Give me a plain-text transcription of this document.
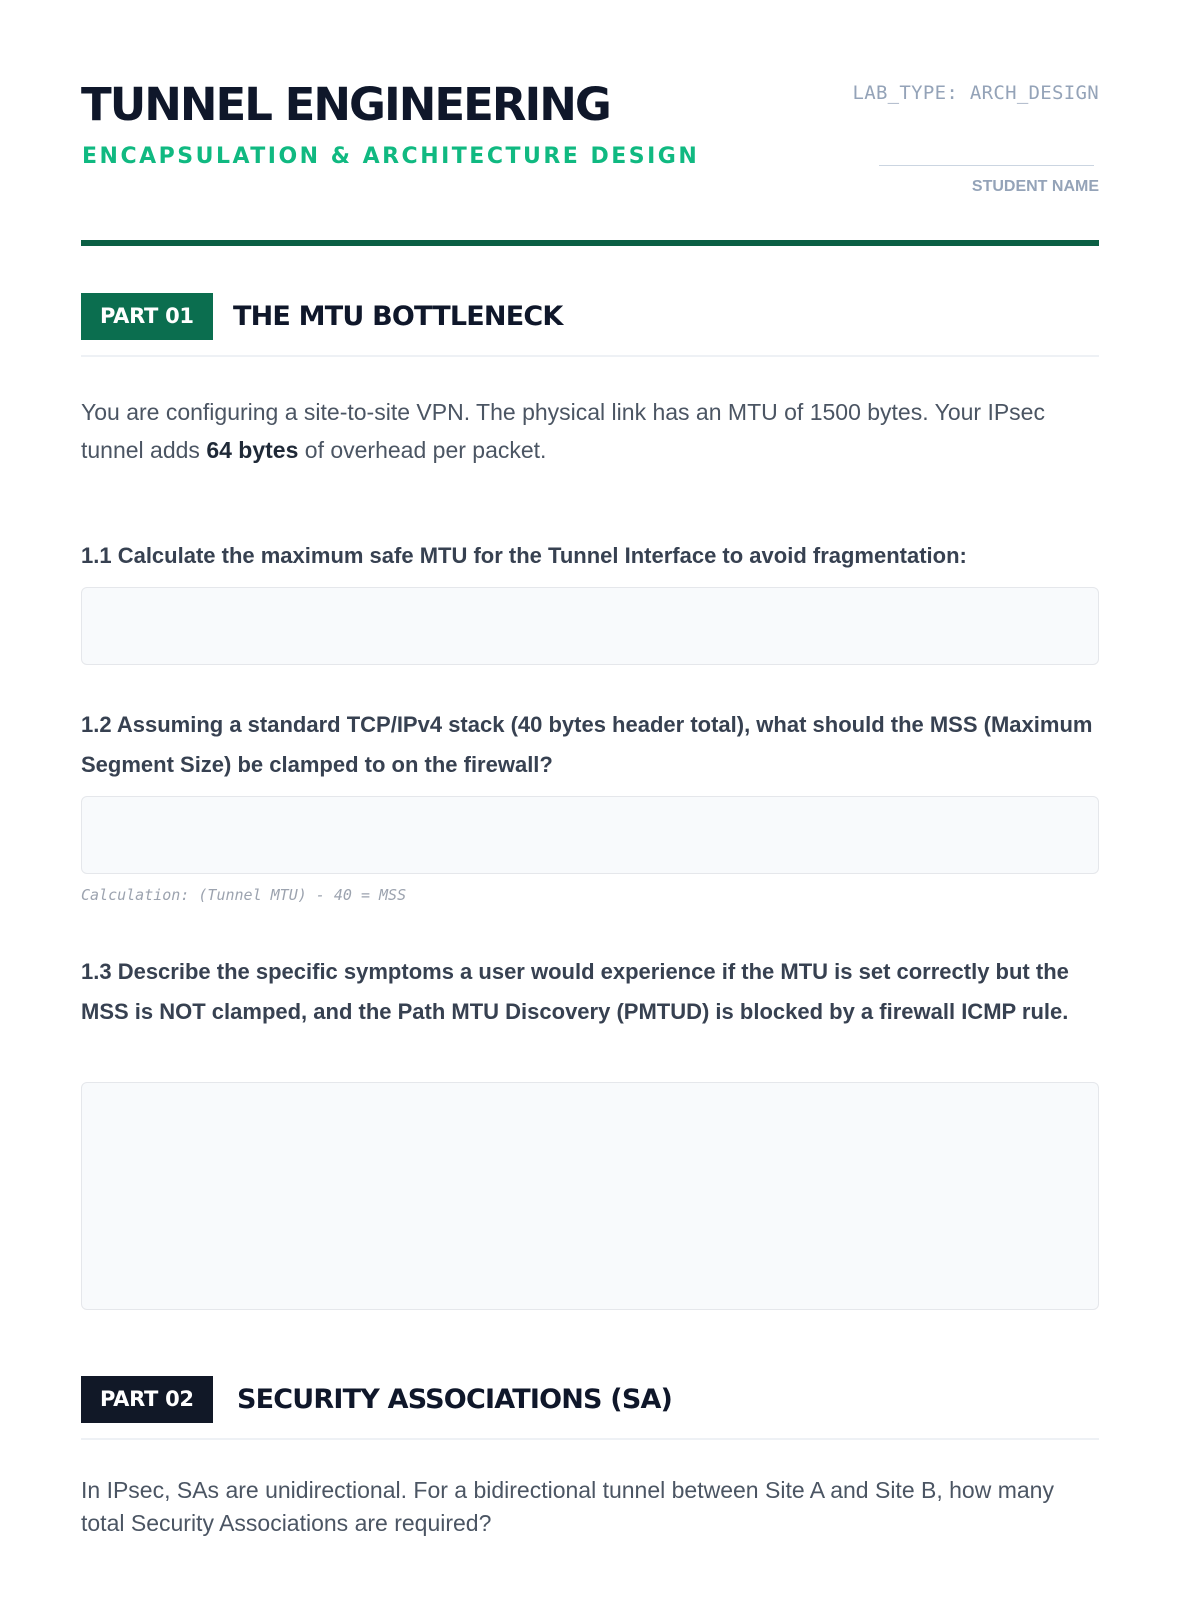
TUNNEL ENGINEERING
ENCAPSULATION & ARCHITECTURE DESIGN
LAB_TYPE: ARCH_DESIGN
STUDENT NAME
PART 01	THE MTU BOTTLENECK

You are configuring a site-to-site VPN. The physical link has an MTU of 1500 bytes. Your IPsec tunnel adds 64 bytes of overhead per packet.

1.1 Calculate the maximum safe MTU for the Tunnel Interface to avoid fragmentation:

1.2 Assuming a standard TCP/IPv4 stack (40 bytes header total), what should the MSS (Maximum Segment Size) be clamped to on the firewall?

Calculation: (Tunnel MTU) - 40 = MSS

1.3 Describe the specific symptoms a user would experience if the MTU is set correctly but the MSS is NOT clamped, and the Path MTU Discovery (PMTUD) is blocked by a firewall ICMP rule.

PART 02	SECURITY ASSOCIATIONS (SA)

In IPsec, SAs are unidirectional. For a bidirectional tunnel between Site A and Site B, how many total Security Associations are required?
